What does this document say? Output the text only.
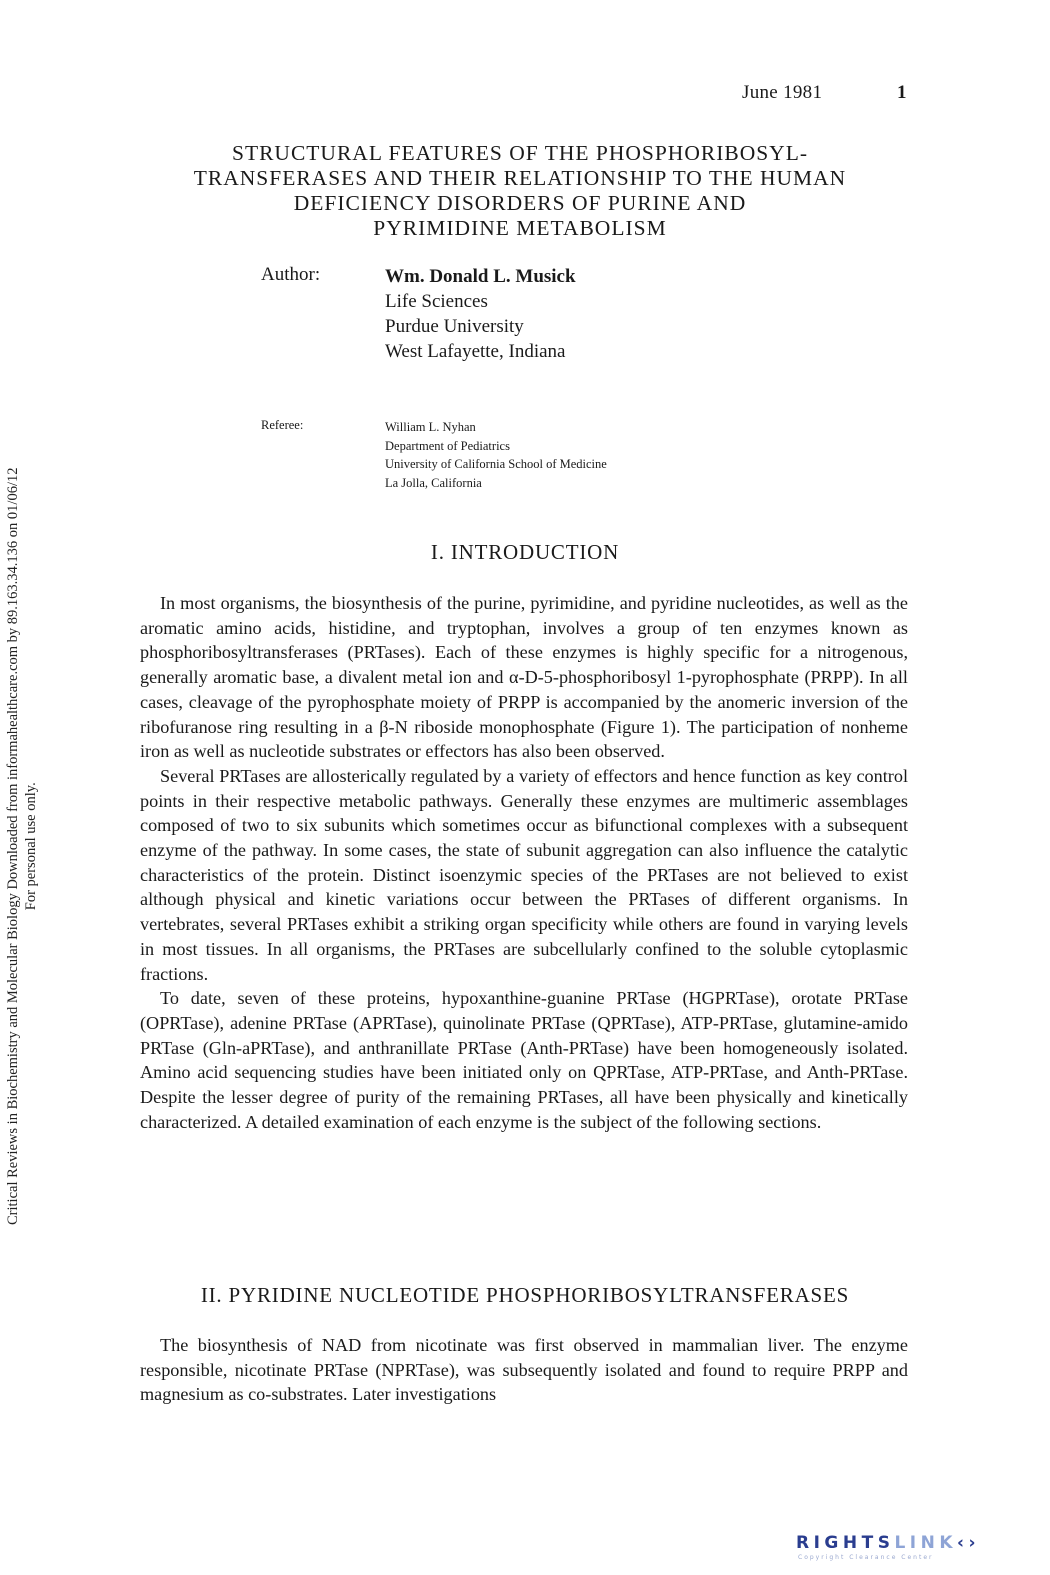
June 1981	1
STRUCTURAL FEATURES OF THE PHOSPHORIBOSYL-
TRANSFERASES AND THEIR RELATIONSHIP TO THE HUMAN
DEFICIENCY DISORDERS OF PURINE AND
PYRIMIDINE METABOLISM
Author:	Wm. Donald L. Musick
Life Sciences
Purdue University
West Lafayette, Indiana
Referee:	William L. Nyhan
Department of Pediatrics
University of California School of Medicine
La Jolla, California
I. INTRODUCTION

In most organisms, the biosynthesis of the purine, pyrimidine, and pyridine nucleotides, as well as the aromatic amino acids, histidine, and tryptophan, involves a group of ten enzymes known as phosphoribosyltransferases (PRTases). Each of these enzymes is highly specific for a nitrogenous, generally aromatic base, a divalent metal ion and α-D-5-phosphoribosyl 1-pyrophosphate (PRPP). In all cases, cleavage of the pyrophosphate moiety of PRPP is accompanied by the anomeric inversion of the ribofuranose ring resulting in a β-N riboside monophosphate (Figure 1). The participation of nonheme iron as well as nucleotide substrates or effectors has also been observed.

Several PRTases are allosterically regulated by a variety of effectors and hence function as key control points in their respective metabolic pathways. Generally these enzymes are multimeric assemblages composed of two to six subunits which sometimes occur as bifunctional complexes with a subsequent enzyme of the pathway. In some cases, the state of subunit aggregation can also influence the catalytic characteristics of the protein. Distinct isoenzymic species of the PRTases are not believed to exist although physical and kinetic variations occur between the PRTases of different organisms. In vertebrates, several PRTases exhibit a striking organ specificity while others are found in varying levels in most tissues. In all organisms, the PRTases are subcellularly confined to the soluble cytoplasmic fractions.

To date, seven of these proteins, hypoxanthine-guanine PRTase (HGPRTase), orotate PRTase (OPRTase), adenine PRTase (APRTase), quinolinate PRTase (QPRTase), ATP-PRTase, glutamine-amido PRTase (Gln-aPRTase), and anthranillate PRTase (Anth-PRTase) have been homogeneously isolated. Amino acid sequencing studies have been initiated only on QPRTase, ATP-PRTase, and Anth-PRTase. Despite the lesser degree of purity of the remaining PRTases, all have been physically and kinetically characterized. A detailed examination of each enzyme is the subject of the following sections.

II. PYRIDINE NUCLEOTIDE PHOSPHORIBOSYLTRANSFERASES

The biosynthesis of NAD from nicotinate was first observed in mammalian liver. The enzyme responsible, nicotinate PRTase (NPRTase), was subsequently isolated and found to require PRPP and magnesium as co-substrates. Later investigations

Critical Reviews in Biochemistry and Molecular Biology Downloaded from informahealthcare.com by 89.163.34.136 on 01/06/12 For personal use only.
RIGHTSLINK‹›
Copyright Clearance Center
